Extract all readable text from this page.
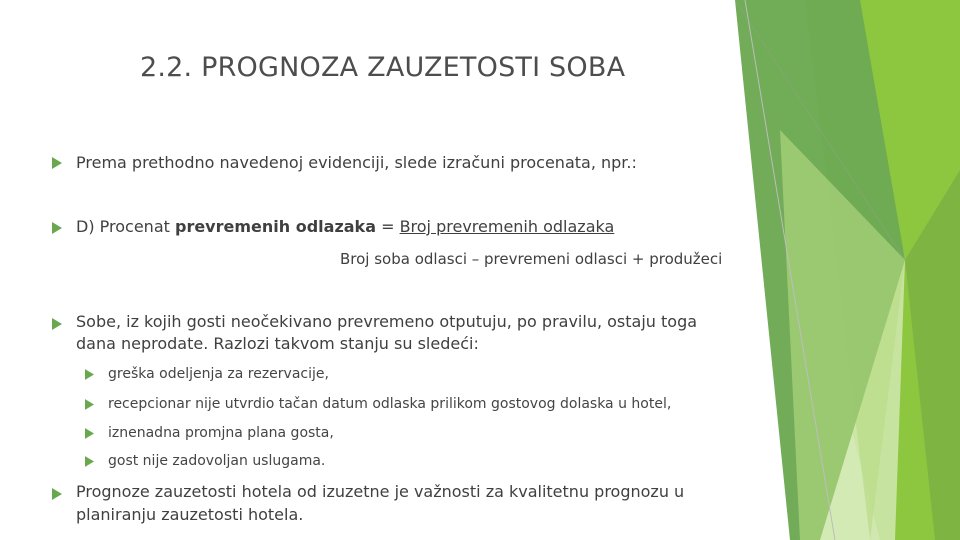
2.2. PROGNOZA ZAUZETOSTI SOBA
Prema prethodno navedenoj evidenciji, slede izračuni procenata, npr.:
D) Procenat prevremenih odlazaka = Broj prevremenih odlazaka
Broj soba odlasci – prevremeni odlasci + produžeci
Sobe, iz kojih gosti neočekivano prevremeno otputuju, po pravilu, ostaju toga
dana neprodate. Razlozi takvom stanju su sledeći:
greška odeljenja za rezervacije,
recepcionar nije utvrdio tačan datum odlaska prilikom gostovog dolaska u hotel,
iznenadna promjna plana gosta,
gost nije zadovoljan uslugama.
Prognoze zauzetosti hotela od izuzetne je važnosti za kvalitetnu prognozu u
planiranju zauzetosti hotela.
